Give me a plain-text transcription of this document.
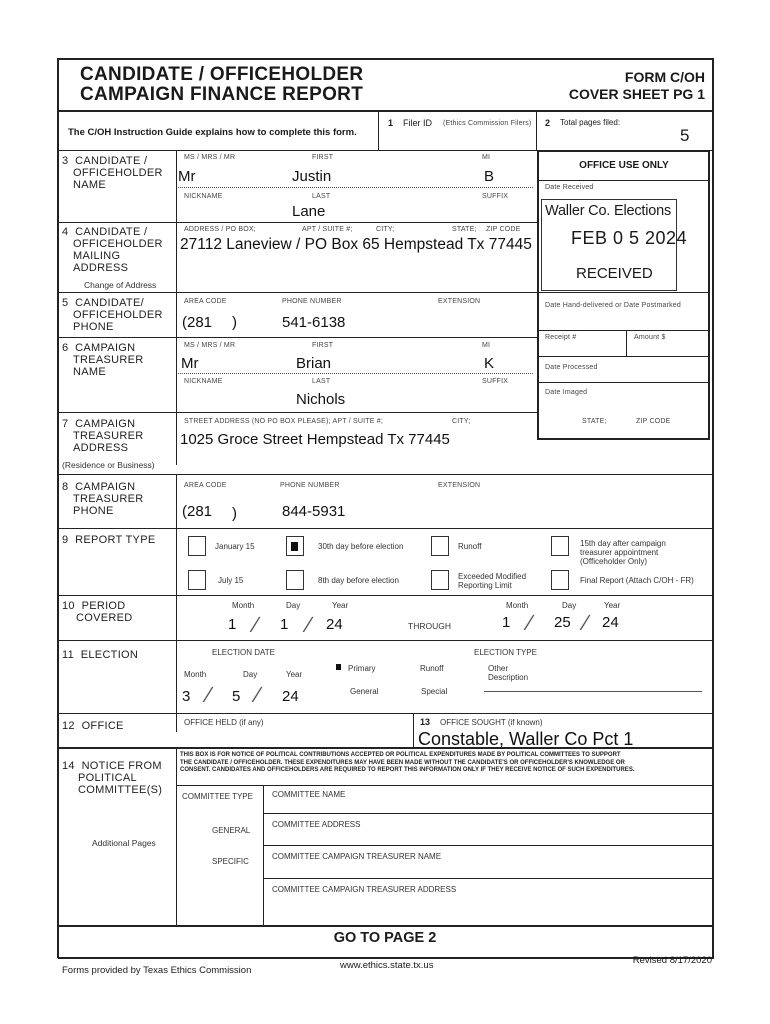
CANDIDATE / OFFICEHOLDER
CAMPAIGN FINANCE REPORT
FORM C/OH
COVER SHEET PG 1
The C/OH Instruction Guide explains how to complete this form.
1 Filer ID (Ethics Commission Filers) 2 Total pages filed:
5
OFFICE USE ONLY
Date Received
Waller Co. Elections
FEB 0 5 2024
RECEIVED
Date Hand-delivered or Date Postmarked
Receipt #	Amount $
Date Processed
Date Imaged
3 CANDIDATE /
OFFICEHOLDER
NAME
MS / MRS / MR	FIRST	MI
Mr	Justin	B
NICKNAME	LAST	SUFFIX
Lane
4 CANDIDATE /
OFFICEHOLDER
MAILING
ADDRESS
ADDRESS / PO BOX;	APT / SUITE #;	CITY;	STATE; ZIP CODE
27112 Laneview / PO Box 65 Hempstead Tx 77445
Change of Address
5 CANDIDATE/
OFFICEHOLDER
PHONE
AREA CODE	PHONE NUMBER	EXTENSION
(281 )	541-6138
6 CAMPAIGN
TREASURER
NAME
MS / MRS / MR	FIRST	MI
Mr	Brian	K
NICKNAME	LAST	SUFFIX
Nichols
7 CAMPAIGN
TREASURER
ADDRESS
STREET ADDRESS (NO PO BOX PLEASE); APT / SUITE #;	CITY;	STATE;	ZIP CODE
1025 Groce Street Hempstead Tx 77445
(Residence or Business)
8 CAMPAIGN
TREASURER
PHONE
AREA CODE	PHONE NUMBER	EXTENSION
(281 )	844-5931
9 REPORT TYPE
January 15	30th day before election	Runoff	15th day after campaign
treasurer appointment
(Officeholder Only)
July 15	8th day before election	Exceeded Modified
Reporting Limit
Final Report (Attach C/OH - FR)
10 PERIOD
COVERED
Month	Day	Year
1 ∕ 1 ∕ 24	THROUGH
Month	Day	Year
1 ∕ 25 ∕ 24
11 ELECTION	ELECTION DATE
Month	Day	Year
3 ∕ 5 ∕ 24
ELECTION TYPE
Primary	Runoff	Other
Description
General	Special
12 OFFICE	OFFICE HELD (if any)	13 OFFICE SOUGHT (if known)
Constable, Waller Co Pct 1
14 NOTICE FROM
POLITICAL
COMMITTEE(S)
Additional Pages
THIS BOX IS FOR NOTICE OF POLITICAL CONTRIBUTIONS ACCEPTED OR POLITICAL EXPENDITURES MADE BY POLITICAL COMMITTEES TO SUPPORT
THE CANDIDATE / OFFICEHOLDER. THESE EXPENDITURES MAY HAVE BEEN MADE WITHOUT THE CANDIDATE'S OR OFFICEHOLDER'S KNOWLEDGE OR
CONSENT. CANDIDATES AND OFFICEHOLDERS ARE REQUIRED TO REPORT THIS INFORMATION ONLY IF THEY RECEIVE NOTICE OF SUCH EXPENDITURES.
COMMITTEE TYPE COMMITTEE NAME
GENERAL
COMMITTEE ADDRESS
SPECIFIC
COMMITTEE CAMPAIGN TREASURER NAME
COMMITTEE CAMPAIGN TREASURER ADDRESS
GO TO PAGE 2
Forms provided by Texas Ethics Commission	www.ethics.state.tx.us	Revised 8/17/2020
